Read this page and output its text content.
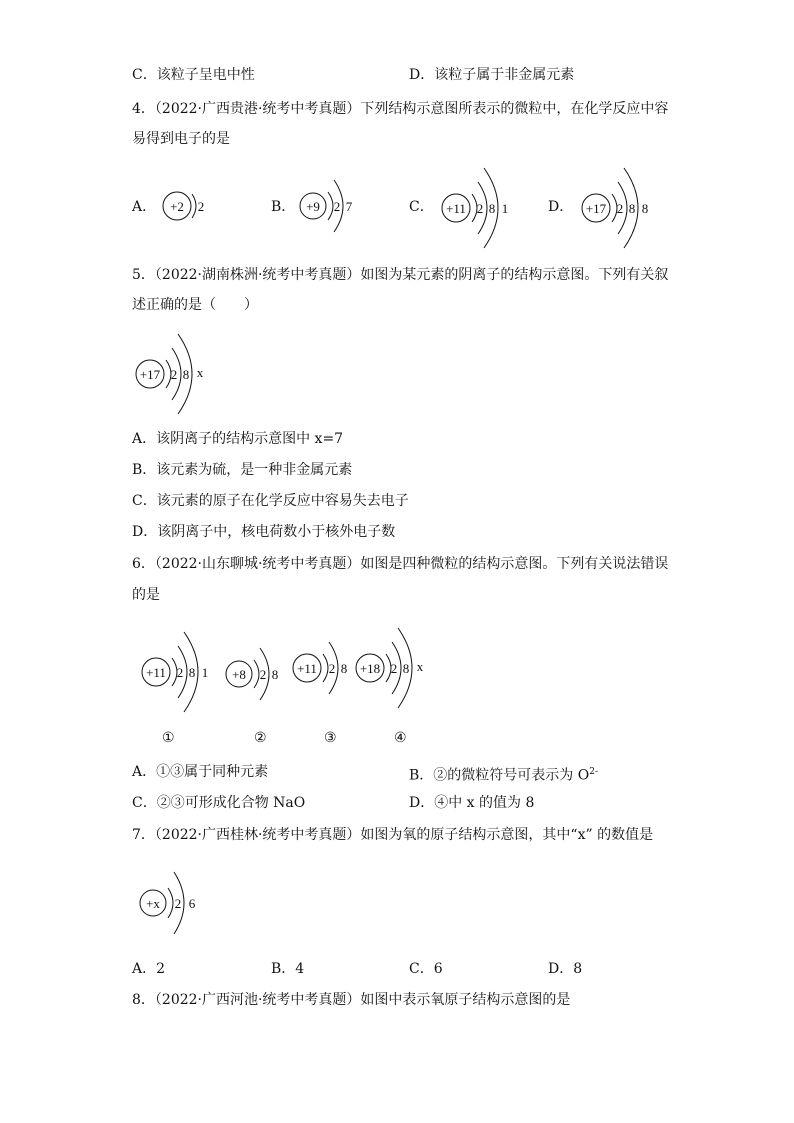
C．该粒子呈电中性	D．该粒子属于非金属元素
4．（2022·广西贵港·统考中考真题）下列结构示意图所表示的微粒中，在化学反应中容
易得到电子的是
A． +2 2	B． +9 2 7	C． +11 2 8 1	D． +17 2 8 8
5．（2022·湖南株洲·统考中考真题）如图为某元素的阴离子的结构示意图。下列有关叙
述正确的是（　　）
+17 2 8 x
A．该阴离子的结构示意图中 x=7
B．该元素为硫，是一种非金属元素
C．该元素的原子在化学反应中容易失去电子
D．该阴离子中，核电荷数小于核外电子数
6．（2022·山东聊城·统考中考真题）如图是四种微粒的结构示意图。下列有关说法错误
的是
+11 2 8 1 +8 2 8 +11 2 8 +18 2 8 x
①	②	③	④
A．①③属于同种元素	B．②的微粒符号可表示为 $O^{2-}$
C．②③可形成化合物 NaO	D．④中 x 的值为 8
7．（2022·广西桂林·统考中考真题）如图为氧的原子结构示意图，其中“x” 的数值是
+x 2 6
A．2	B．4	C．6	D．8
8．（2022·广西河池·统考中考真题）如图中表示氧原子结构示意图的是
